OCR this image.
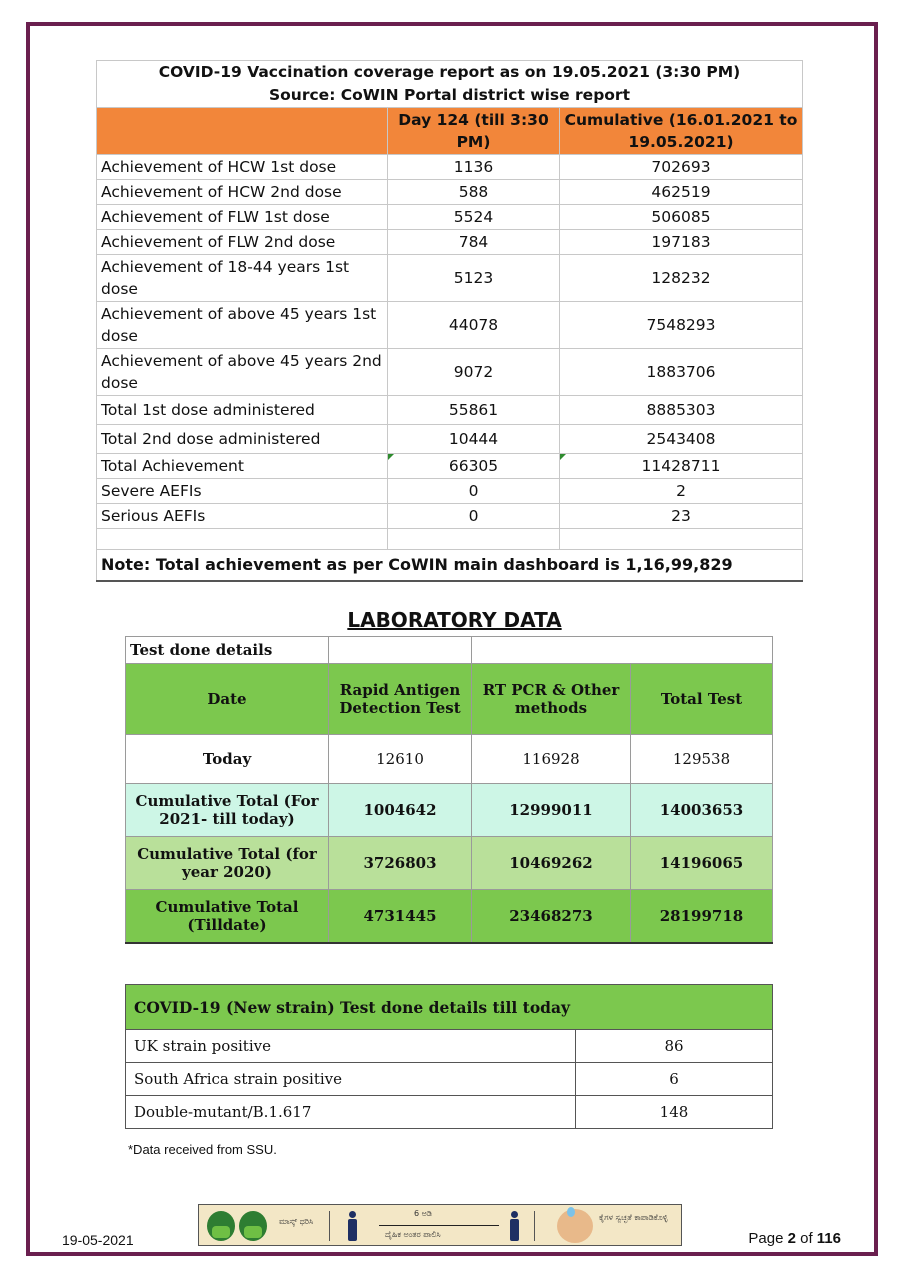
COVID-19 Vaccination coverage report as on 19.05.2021 (3:30 PM)		
Source: CoWIN Portal district wise report		
	Day 124 (till 3:30 PM)	Cumulative (16.01.2021 to 19.05.2021)
Achievement of HCW 1st dose	1136	702693
Achievement of HCW 2nd dose	588	462519
Achievement of FLW 1st dose	5524	506085
Achievement of FLW 2nd dose	784	197183
Achievement of 18-44 years 1st dose	5123	128232
Achievement of above 45 years 1st dose	44078	7548293
Achievement of above 45 years 2nd dose	9072	1883706
Total 1st dose administered	55861	8885303
Total 2nd dose administered	10444	2543408
Total Achievement	66305	11428711
Severe AEFIs	0	2
Serious AEFIs	0	23

Note: Total achievement as per CoWIN main dashboard is 1,16,99,829		
LABORATORY DATA
Test done details			
Date	Rapid Antigen Detection Test	RT PCR & Other methods	Total Test
Today	12610	116928	129538
Cumulative Total (For 2021- till today)	1004642	12999011	14003653
Cumulative Total (for year 2020)	3726803	10469262	14196065
Cumulative Total (Tilldate)	4731445	23468273	28199718
COVID-19 (New strain) Test done details till today	
UK strain positive	86
South Africa strain positive	6
Double-mutant/B.1.617	148
*Data received from SSU.
19-05-2021
ಮಾಸ್ಕ್ ಧರಿಸಿ
6 ಅಡಿ
ದೈಹಿಕ ಅಂತರ ಪಾಲಿಸಿ
ಕೈಗಳ ಸ್ವಚ್ಛತೆ ಕಾಪಾಡಿಕೊಳ್ಳಿ
Page 2 of 116
